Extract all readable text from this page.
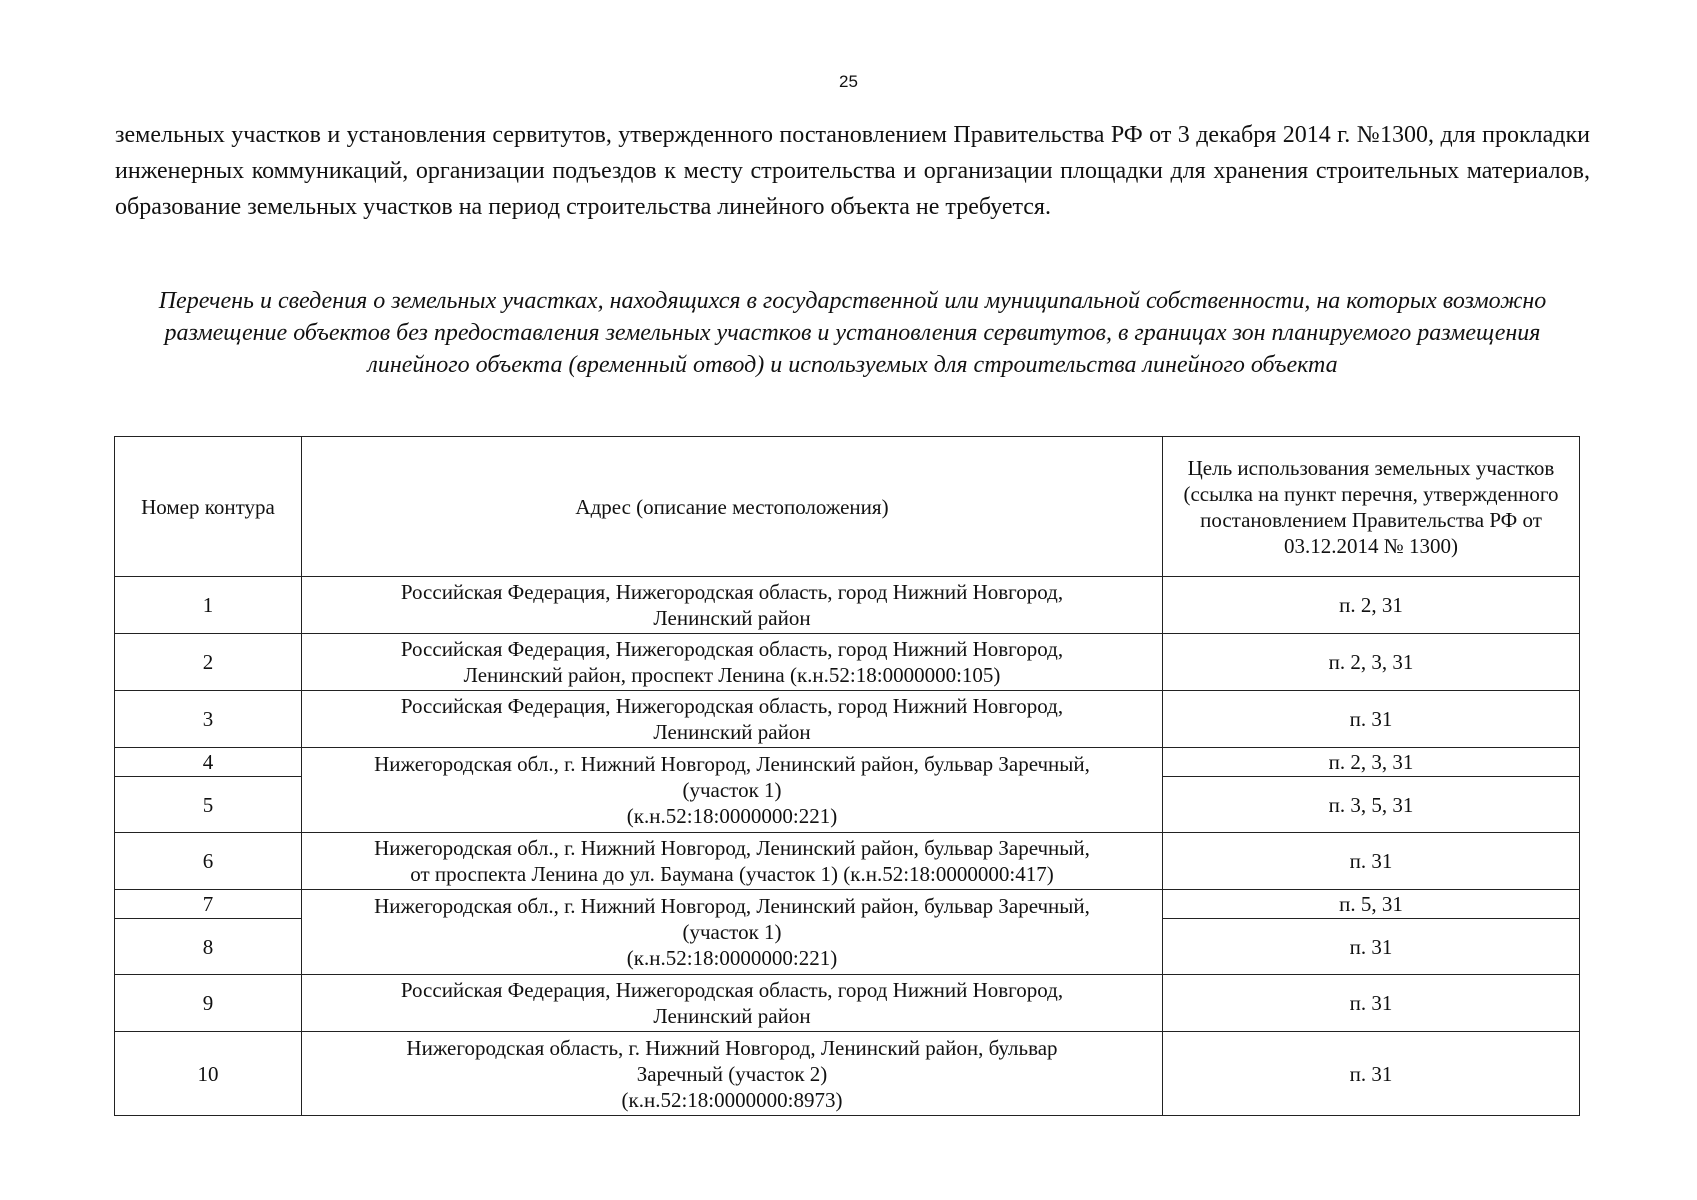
25

земельных участков и установления сервитутов, утвержденного постановлением Правительства РФ от 3 декабря 2014 г. №1300, для прокладки инженерных коммуникаций, организации подъездов к месту строительства и организации площадки для хранения строительных материалов, образование земельных участков на период строительства линейного объекта не требуется.

Перечень и сведения о земельных участках, находящихся в государственной или муниципальной собственности, на которых возможно размещение объектов без предоставления земельных участков и установления сервитутов, в границах зон планируемого размещения линейного объекта (временный отвод) и используемых для строительства линейного объекта

Номер контура	Адрес (описание местоположения)	Цель использования земельных участков (ссылка на пункт перечня, утвержденного постановлением Правительства РФ от 03.12.2014 № 1300)
1	Российская Федерация, Нижегородская область, город Нижний Новгород,
Ленинский район	п. 2, 31
2	Российская Федерация, Нижегородская область, город Нижний Новгород,
Ленинский район, проспект Ленина (к.н.52:18:0000000:105)	п. 2, 3, 31
3	Российская Федерация, Нижегородская область, город Нижний Новгород,
Ленинский район	п. 31
4	Нижегородская обл., г. Нижний Новгород, Ленинский район, бульвар Заречный,
(участок 1)
(к.н.52:18:0000000:221)	п. 2, 3, 31
5		п. 3, 5, 31
6	Нижегородская обл., г. Нижний Новгород, Ленинский район, бульвар Заречный,
от проспекта Ленина до ул. Баумана (участок 1) (к.н.52:18:0000000:417)	п. 31
7	Нижегородская обл., г. Нижний Новгород, Ленинский район, бульвар Заречный,
(участок 1)
(к.н.52:18:0000000:221)	п. 5, 31
8		п. 31
9	Российская Федерация, Нижегородская область, город Нижний Новгород,
Ленинский район	п. 31
10	Нижегородская область, г. Нижний Новгород, Ленинский район, бульвар
Заречный (участок 2)
(к.н.52:18:0000000:8973)	п. 31
